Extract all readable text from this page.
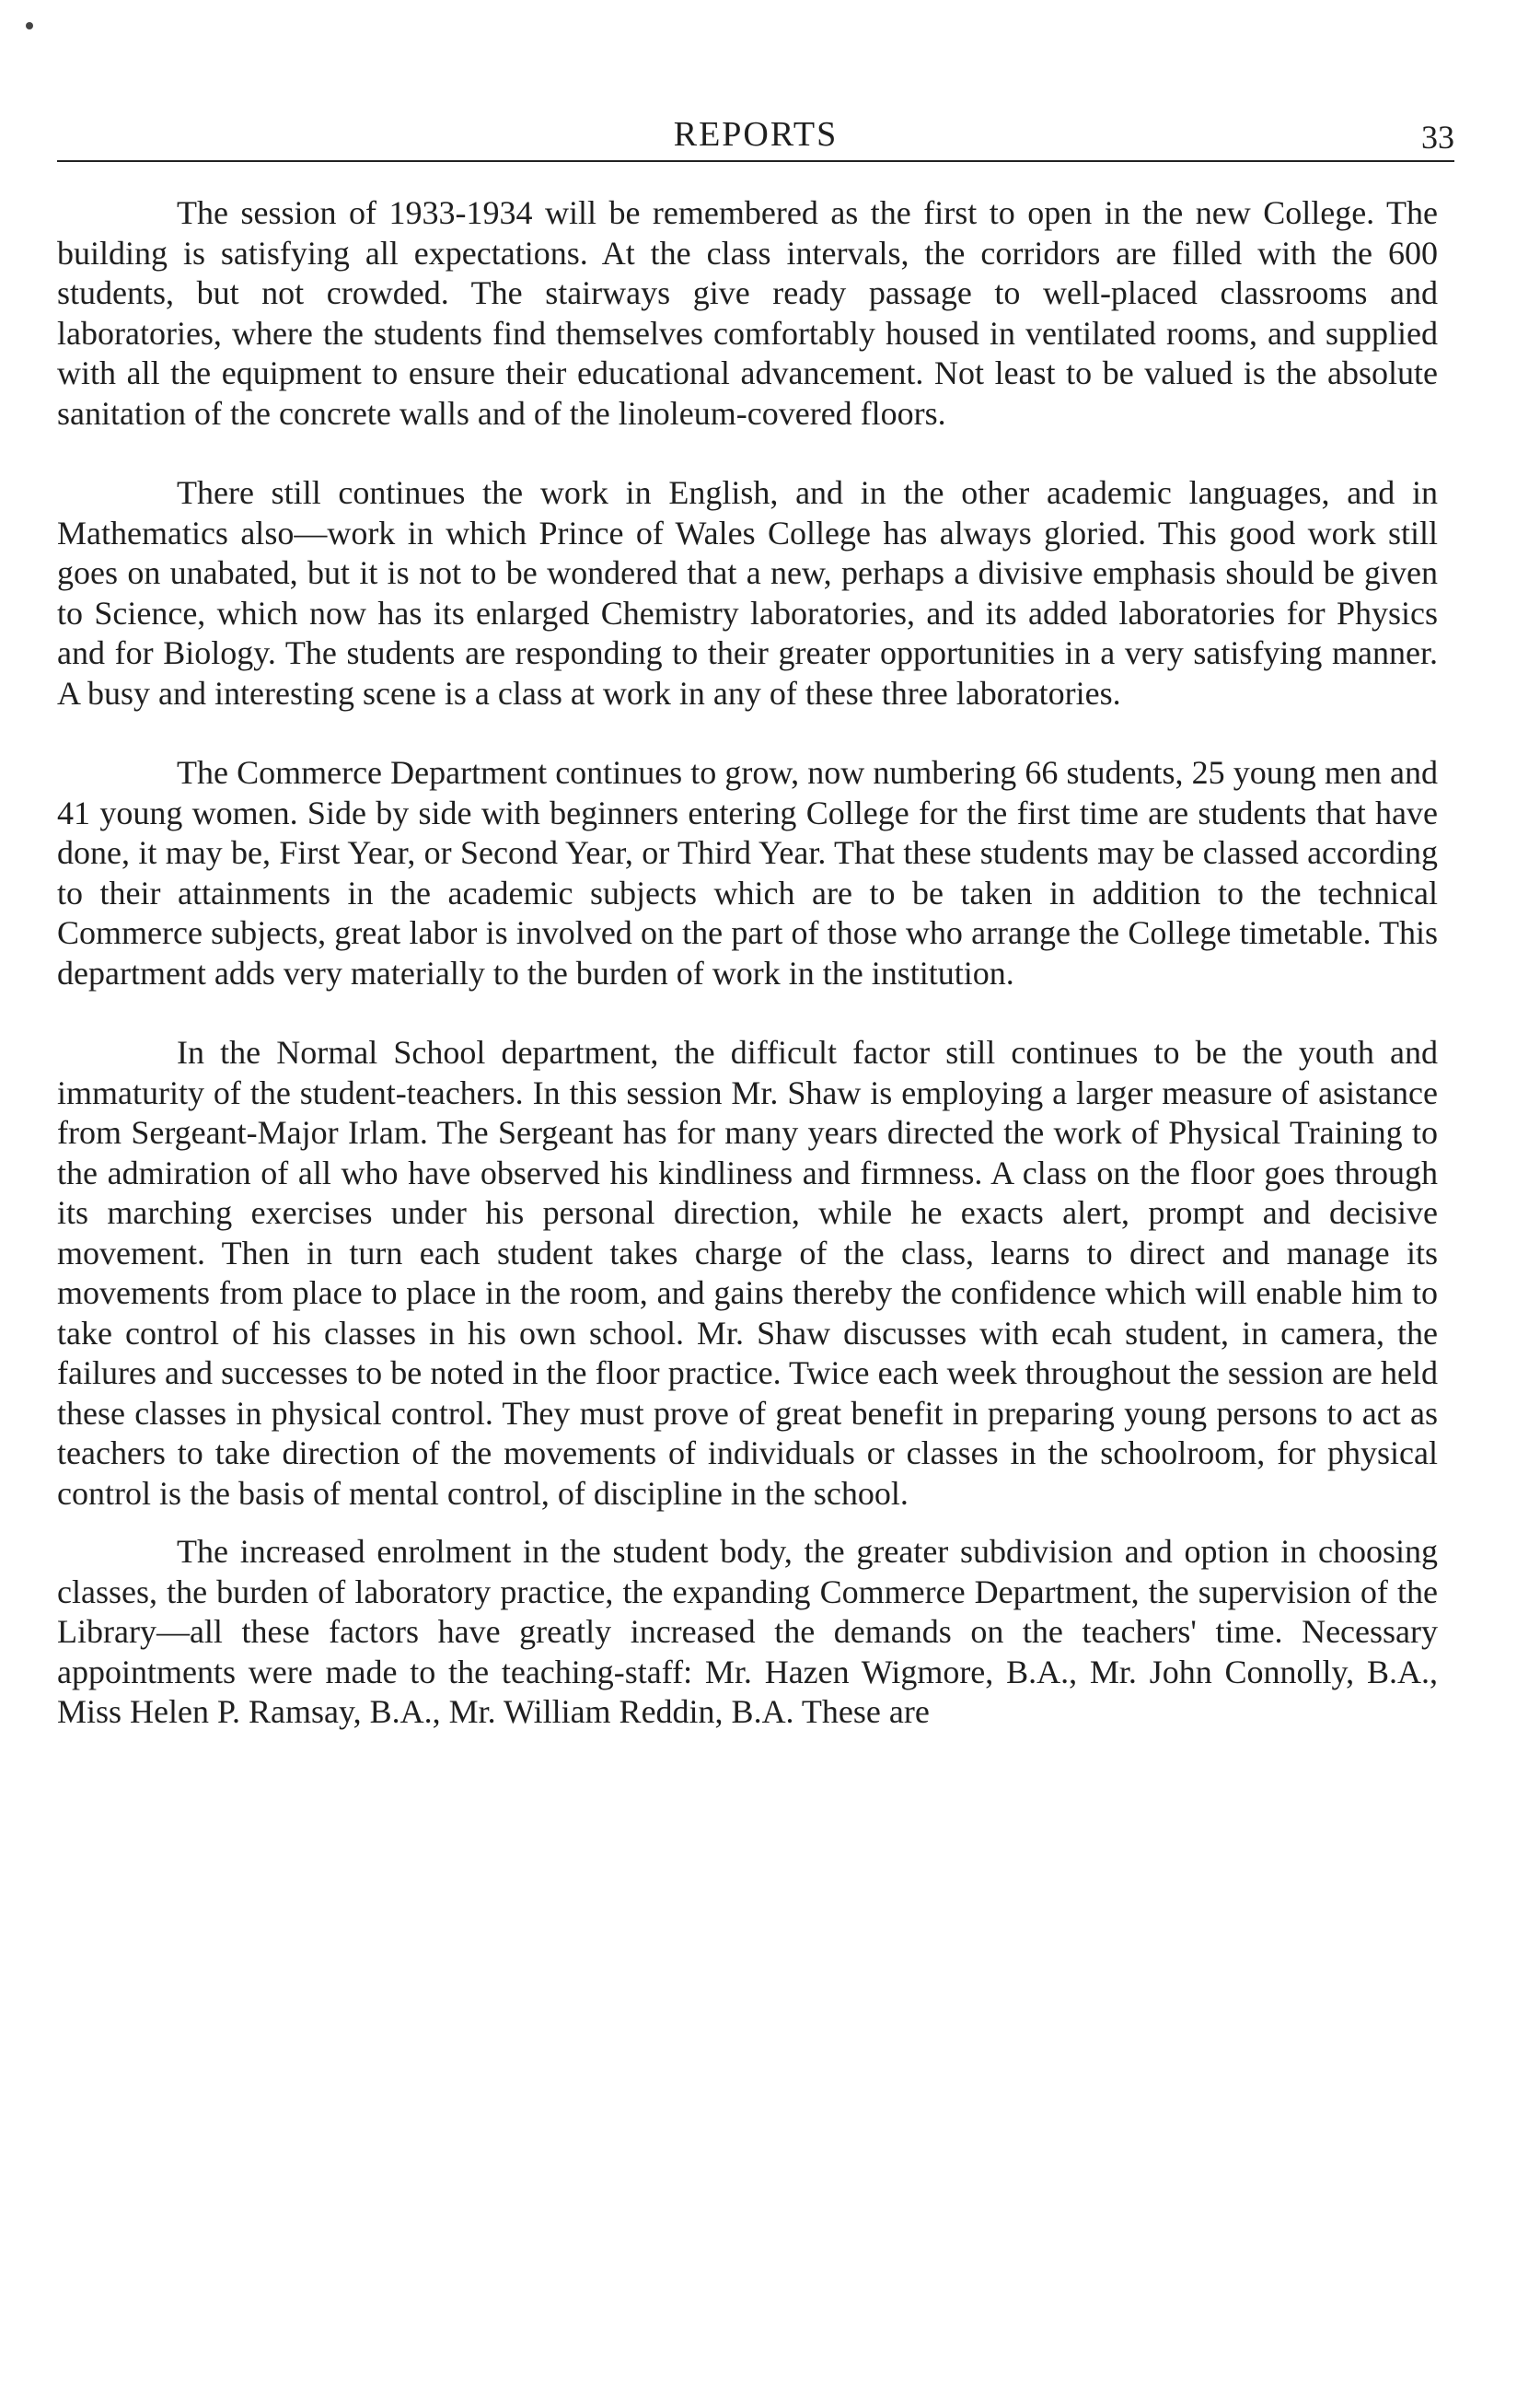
REPORTS	33

The session of 1933-1934 will be remembered as the first to open in the new College. The building is satisfying all expectations. At the class intervals, the corridors are filled with the 600 students, but not crowded. The stairways give ready passage to well-placed classrooms and laboratories, where the students find themselves comfortably housed in ventilated rooms, and supplied with all the equipment to ensure their educational advancement. Not least to be valued is the absolute sanitation of the concrete walls and of the linoleum-covered floors.

There still continues the work in English, and in the other academic languages, and in Mathematics also—work in which Prince of Wales College has always gloried. This good work still goes on unabated, but it is not to be wondered that a new, perhaps a divisive emphasis should be given to Science, which now has its enlarged Chemistry laboratories, and its added laboratories for Physics and for Biology. The students are responding to their greater opportunities in a very satisfying manner. A busy and interesting scene is a class at work in any of these three laboratories.

The Commerce Department continues to grow, now numbering 66 students, 25 young men and 41 young women. Side by side with beginners entering College for the first time are students that have done, it may be, First Year, or Second Year, or Third Year. That these students may be classed according to their attainments in the academic subjects which are to be taken in addition to the technical Commerce subjects, great labor is involved on the part of those who arrange the College timetable. This department adds very materially to the burden of work in the institution.

In the Normal School department, the difficult factor still continues to be the youth and immaturity of the student-teachers. In this session Mr. Shaw is employing a larger measure of asistance from Sergeant-Major Irlam. The Sergeant has for many years directed the work of Physical Training to the admiration of all who have observed his kindliness and firmness. A class on the floor goes through its marching exercises under his personal direction, while he exacts alert, prompt and decisive movement. Then in turn each student takes charge of the class, learns to direct and manage its movements from place to place in the room, and gains thereby the confidence which will enable him to take control of his classes in his own school. Mr. Shaw discusses with ecah student, in camera, the failures and successes to be noted in the floor practice. Twice each week throughout the session are held these classes in physical control. They must prove of great benefit in preparing young persons to act as teachers to take direction of the movements of individuals or classes in the schoolroom, for physical control is the basis of mental control, of discipline in the school.

The increased enrolment in the student body, the greater subdivision and option in choosing classes, the burden of laboratory practice, the expanding Commerce Department, the supervision of the Library—all these factors have greatly increased the demands on the teachers' time. Necessary appointments were made to the teaching-staff: Mr. Hazen Wigmore, B.A., Mr. John Connolly, B.A., Miss Helen P. Ramsay, B.A., Mr. William Reddin, B.A. These are
